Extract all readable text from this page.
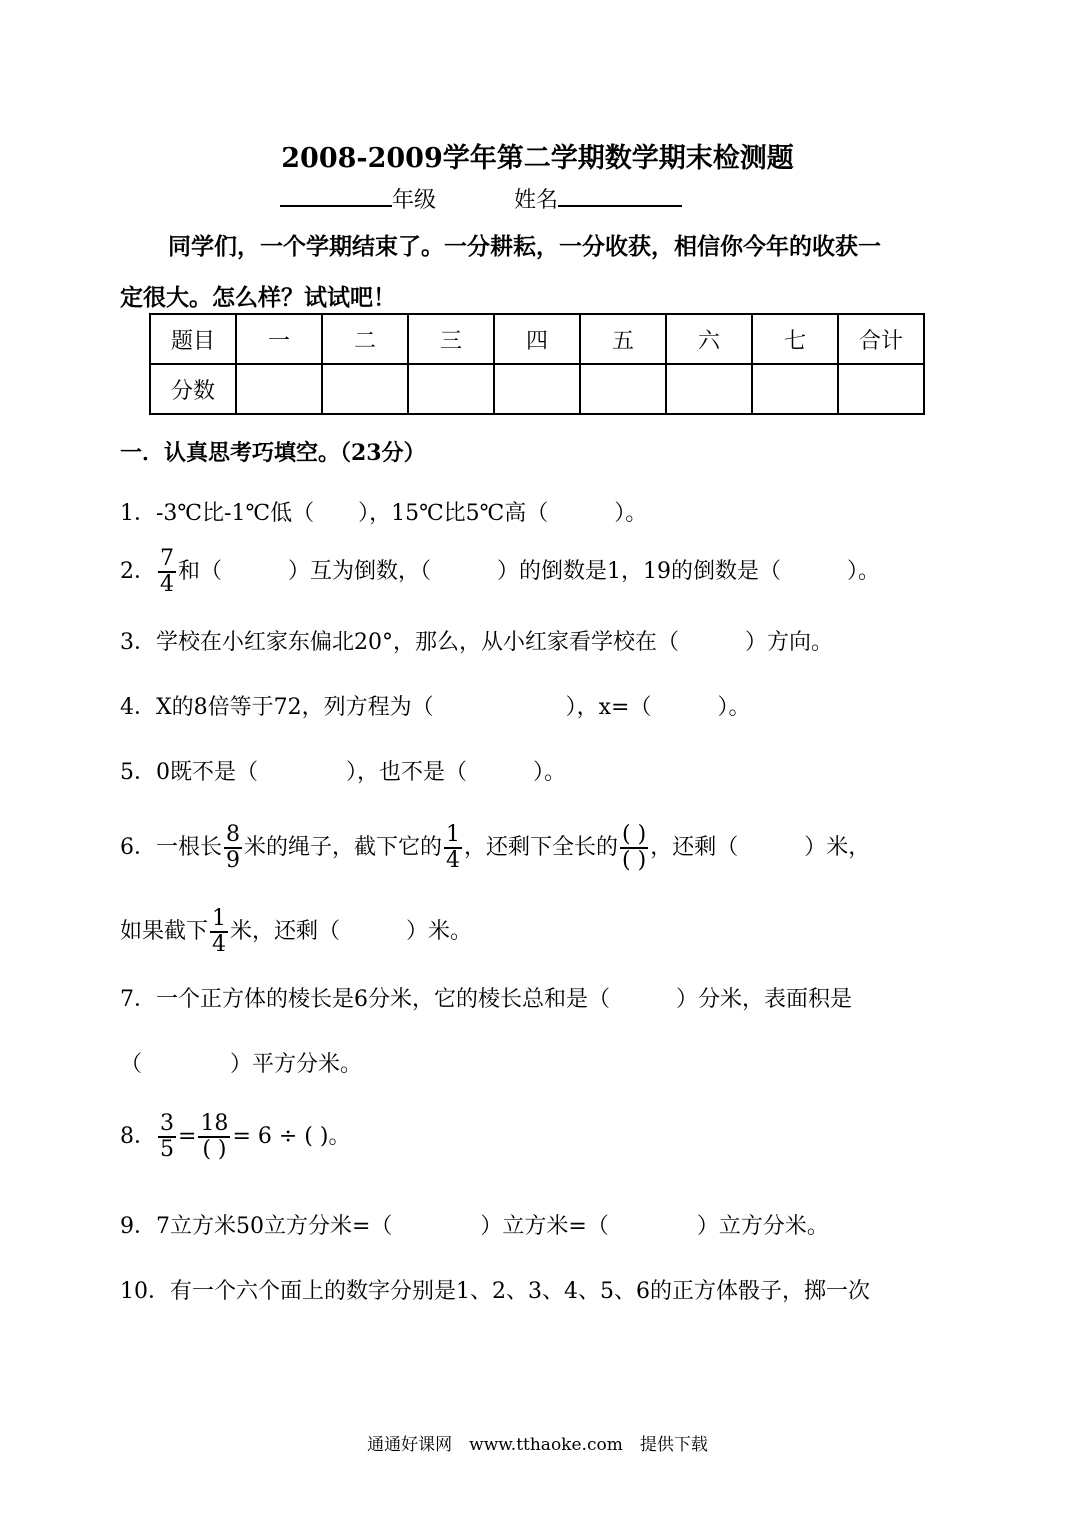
2008-2009学年第二学期数学期末检测题
年级	姓名
同学们，一个学期结束了。一分耕耘，一分收获，相信你今年的收获一
定很大。怎么样？试试吧！
题目	一	二	三	四	五	六	七	合计
分数								
一．认真思考巧填空。（23分）
1．-3℃比-1℃低（　　），15℃比5℃高（　　　）。
2． $\frac{7}{4}$ 和（　　　）互为倒数，（　　　）的倒数是1，19的倒数是（　　　）。
3．学校在小红家东偏北20°，那么，从小红家看学校在（　　　）方向。
4．X的8倍等于72，列方程为（　　　　　　），x=（　　　）。
5．0既不是（　　　　），也不是（　　　）。
6．一根长 $\frac{8}{9}$ 米的绳子，截下它的 $\frac{1}{4}$ ，还剩下全长的
( )
( )
，还剩（　　　）米，
如果截下 $\frac{1}{4}$ 米，还剩（　　　）米。
7．一个正方体的棱长是6分米，它的棱长总和是（　　　）分米，表面积是
（　　　　）平方分米。
8． $\frac{3}{5}$ =
18
( )
= 6 ÷ ( )。
9．7立方米50立方分米=（　　　　）立方米=（　　　　）立方分米。
10．有一个六个面上的数字分别是1、2、3、4、5、6的正方体骰子，掷一次
通通好课网　www.tthaoke.com　提供下载
